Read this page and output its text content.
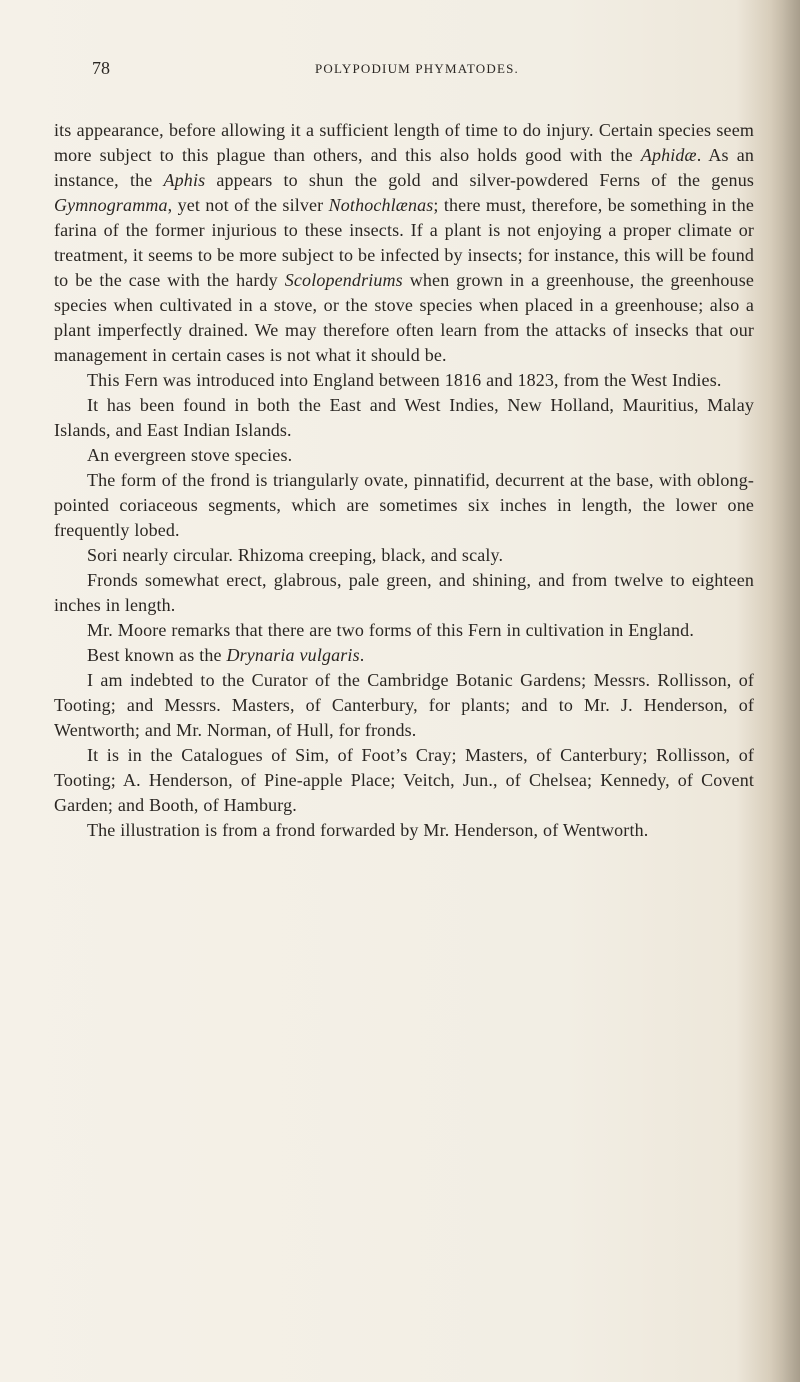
78	POLYPODIUM PHYMATODES.

its appearance, before allowing it a sufficient length of time to do injury. Certain species seem more subject to this plague than others, and this also holds good with the Aphidæ. As an instance, the Aphis appears to shun the gold and silver-powdered Ferns of the genus Gymnogramma, yet not of the silver Nothochlænas; there must, therefore, be something in the farina of the former injurious to these insects. If a plant is not enjoying a proper climate or treatment, it seems to be more subject to be infected by insects; for instance, this will be found to be the case with the hardy Scolopendriums when grown in a greenhouse, the greenhouse species when cultivated in a stove, or the stove species when placed in a greenhouse; also a plant imperfectly drained. We may therefore often learn from the attacks of insecks that our management in certain cases is not what it should be.

This Fern was introduced into England between 1816 and 1823, from the West Indies.

It has been found in both the East and West Indies, New Holland, Mauritius, Malay Islands, and East Indian Islands.

An evergreen stove species.

The form of the frond is triangularly ovate, pinnatifid, decurrent at the base, with oblong-pointed coriaceous segments, which are sometimes six inches in length, the lower one frequently lobed.

Sori nearly circular. Rhizoma creeping, black, and scaly.

Fronds somewhat erect, glabrous, pale green, and shining, and from twelve to eighteen inches in length.

Mr. Moore remarks that there are two forms of this Fern in cultivation in England.

Best known as the Drynaria vulgaris.

I am indebted to the Curator of the Cambridge Botanic Gardens; Messrs. Rollisson, of Tooting; and Messrs. Masters, of Canterbury, for plants; and to Mr. J. Henderson, of Wentworth; and Mr. Norman, of Hull, for fronds.

It is in the Catalogues of Sim, of Foot’s Cray; Masters, of Canterbury; Rollisson, of Tooting; A. Henderson, of Pine-apple Place; Veitch, Jun., of Chelsea; Kennedy, of Covent Garden; and Booth, of Hamburg.

The illustration is from a frond forwarded by Mr. Henderson, of Wentworth.
